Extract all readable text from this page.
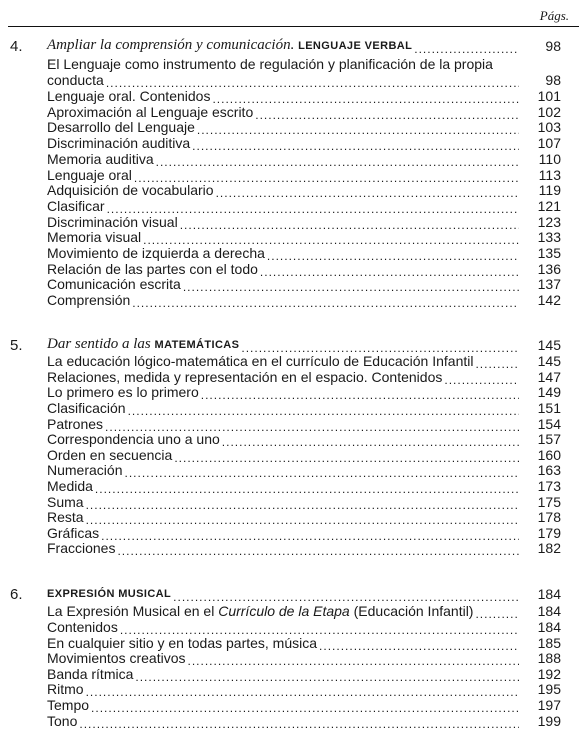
Págs.
4. Ampliar la comprensión y comunicación. LENGUAJE VERBAL .....	98
El Lenguaje como instrumento de regulación y planificación de la propia
conducta .....	98
Lenguaje oral. Contenidos .....	101
Aproximación al Lenguaje escrito .....	102
Desarrollo del Lenguaje .....	103
Discriminación auditiva .....	107
Memoria auditiva .....	110
Lenguaje oral .....	113
Adquisición de vocabulario .....	119
Clasificar .....	121
Discriminación visual .....	123
Memoria visual .....	133
Movimiento de izquierda a derecha .....	135
Relación de las partes con el todo .....	136
Comunicación escrita .....	137
Comprensión .....	142
5. Dar sentido a las MATEMÁTICAS .....	145
La educación lógico-matemática en el currículo de Educación Infantil .....	145
Relaciones, medida y representación en el espacio. Contenidos .....	147
Lo primero es lo primero .....	149
Clasificación .....	151
Patrones .....	154
Correspondencia uno a uno .....	157
Orden en secuencia .....	160
Numeración .....	163
Medida .....	173
Suma .....	175
Resta .....	178
Gráficas .....	179
Fracciones .....	182
6. EXPRESIÓN MUSICAL .....	184
La Expresión Musical en el Currículo de la Etapa (Educación Infantil) .....	184
Contenidos .....	184
En cualquier sitio y en todas partes, música .....	185
Movimientos creativos .....	188
Banda rítmica .....	192
Ritmo .....	195
Tempo .....	197
Tono .....	199
